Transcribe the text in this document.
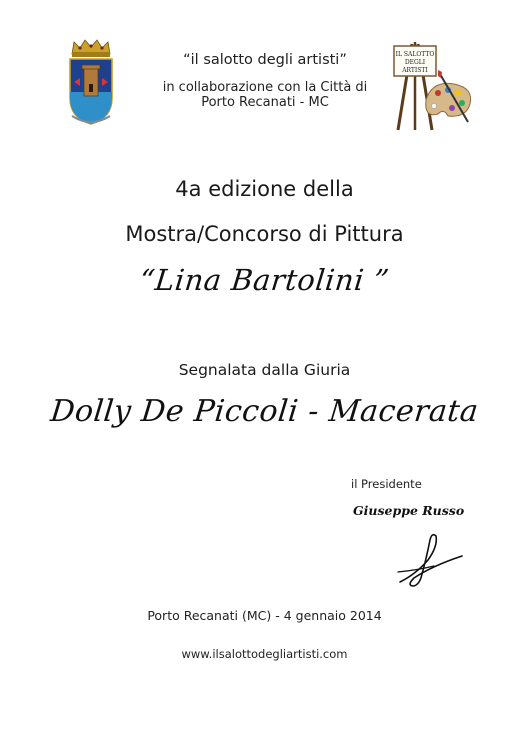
“il salotto degli artisti”
in collaborazione con la Città di
Porto Recanati - MC
IL SALOTTO
DEGLI
ARTISTI
4a edizione della
Mostra/Concorso di Pittura
“Lina Bartolini ”
Segnalata dalla Giuria
Dolly De Piccoli - Macerata
il Presidente
Giuseppe Russo
Porto Recanati (MC) - 4 gennaio 2014
www.ilsalottodegliartisti.com
